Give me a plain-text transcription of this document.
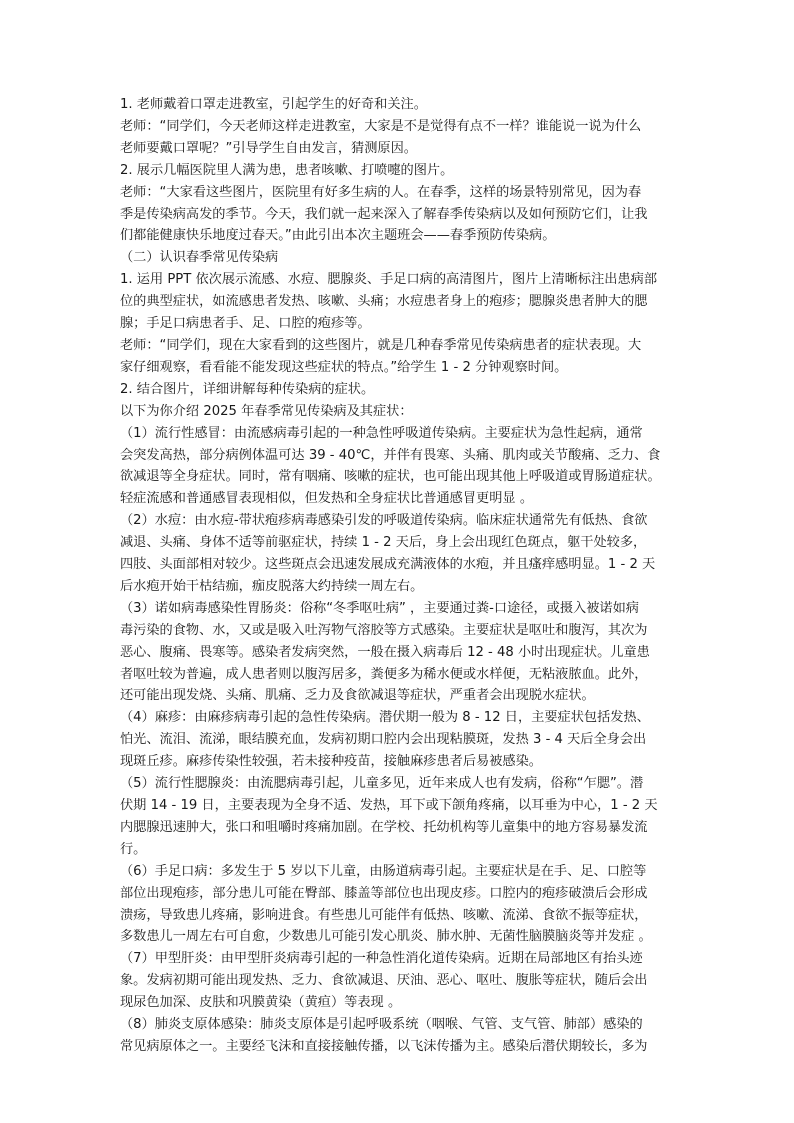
1. 老师戴着口罩走进教室，引起学生的好奇和关注。
老师：“同学们，今天老师这样走进教室，大家是不是觉得有点不一样？谁能说一说为什么
老师要戴口罩呢？”引导学生自由发言，猜测原因。
2. 展示几幅医院里人满为患，患者咳嗽、打喷嚏的图片。
老师：“大家看这些图片，医院里有好多生病的人。在春季，这样的场景特别常见，因为春
季是传染病高发的季节。今天，我们就一起来深入了解春季传染病以及如何预防它们，让我
们都能健康快乐地度过春天。”由此引出本次主题班会——春季预防传染病。
（二）认识春季常见传染病
1. 运用 PPT 依次展示流感、水痘、腮腺炎、手足口病的高清图片，图片上清晰标注出患病部
位的典型症状，如流感患者发热、咳嗽、头痛；水痘患者身上的疱疹；腮腺炎患者肿大的腮
腺；手足口病患者手、足、口腔的疱疹等。
老师：“同学们，现在大家看到的这些图片，就是几种春季常见传染病患者的症状表现。大
家仔细观察，看看能不能发现这些症状的特点。”给学生 1 - 2 分钟观察时间。
2. 结合图片，详细讲解每种传染病的症状。
以下为你介绍 2025 年春季常见传染病及其症状：
（1）流行性感冒：由流感病毒引起的一种急性呼吸道传染病。主要症状为急性起病，通常
会突发高热，部分病例体温可达 39 - 40℃，并伴有畏寒、头痛、肌肉或关节酸痛、乏力、食
欲减退等全身症状。同时，常有咽痛、咳嗽的症状，也可能出现其他上呼吸道或胃肠道症状。
轻症流感和普通感冒表现相似，但发热和全身症状比普通感冒更明显 。
（2）水痘：由水痘-带状疱疹病毒感染引发的呼吸道传染病。临床症状通常先有低热、食欲
减退、头痛、身体不适等前驱症状，持续 1 - 2 天后，身上会出现红色斑点，躯干处较多，
四肢、头面部相对较少。这些斑点会迅速发展成充满液体的水疱，并且瘙痒感明显。1 - 2 天
后水疱开始干枯结痂，痂皮脱落大约持续一周左右。
（3）诺如病毒感染性胃肠炎：俗称“冬季呕吐病” ，主要通过粪-口途径，或摄入被诺如病
毒污染的食物、水，又或是吸入吐泻物气溶胶等方式感染。主要症状是呕吐和腹泻，其次为
恶心、腹痛、畏寒等。感染者发病突然，一般在摄入病毒后 12 - 48 小时出现症状。儿童患
者呕吐较为普遍，成人患者则以腹泻居多，粪便多为稀水便或水样便，无粘液脓血。此外，
还可能出现发烧、头痛、肌痛、乏力及食欲减退等症状，严重者会出现脱水症状。
（4）麻疹：由麻疹病毒引起的急性传染病。潜伏期一般为 8 - 12 日，主要症状包括发热、
怕光、流泪、流涕，眼结膜充血，发病初期口腔内会出现粘膜斑，发热 3 - 4 天后全身会出
现斑丘疹。麻疹传染性较强，若未接种疫苗，接触麻疹患者后易被感染。
（5）流行性腮腺炎：由流腮病毒引起，儿童多见，近年来成人也有发病，俗称“乍腮”。潜
伏期 14 - 19 日，主要表现为全身不适、发热，耳下或下颌角疼痛，以耳垂为中心，1 - 2 天
内腮腺迅速肿大，张口和咀嚼时疼痛加剧。在学校、托幼机构等儿童集中的地方容易暴发流
行。
（6）手足口病：多发生于 5 岁以下儿童，由肠道病毒引起。主要症状是在手、足、口腔等
部位出现疱疹，部分患儿可能在臀部、膝盖等部位也出现皮疹。口腔内的疱疹破溃后会形成
溃疡，导致患儿疼痛，影响进食。有些患儿可能伴有低热、咳嗽、流涕、食欲不振等症状，
多数患儿一周左右可自愈，少数患儿可能引发心肌炎、肺水肿、无菌性脑膜脑炎等并发症 。
（7）甲型肝炎：由甲型肝炎病毒引起的一种急性消化道传染病。近期在局部地区有抬头迹
象。发病初期可能出现发热、乏力、食欲减退、厌油、恶心、呕吐、腹胀等症状，随后会出
现尿色加深、皮肤和巩膜黄染（黄疸）等表现 。
（8）肺炎支原体感染：肺炎支原体是引起呼吸系统（咽喉、气管、支气管、肺部）感染的
常见病原体之一。主要经飞沫和直接接触传播，以飞沫传播为主。感染后潜伏期较长，多为
